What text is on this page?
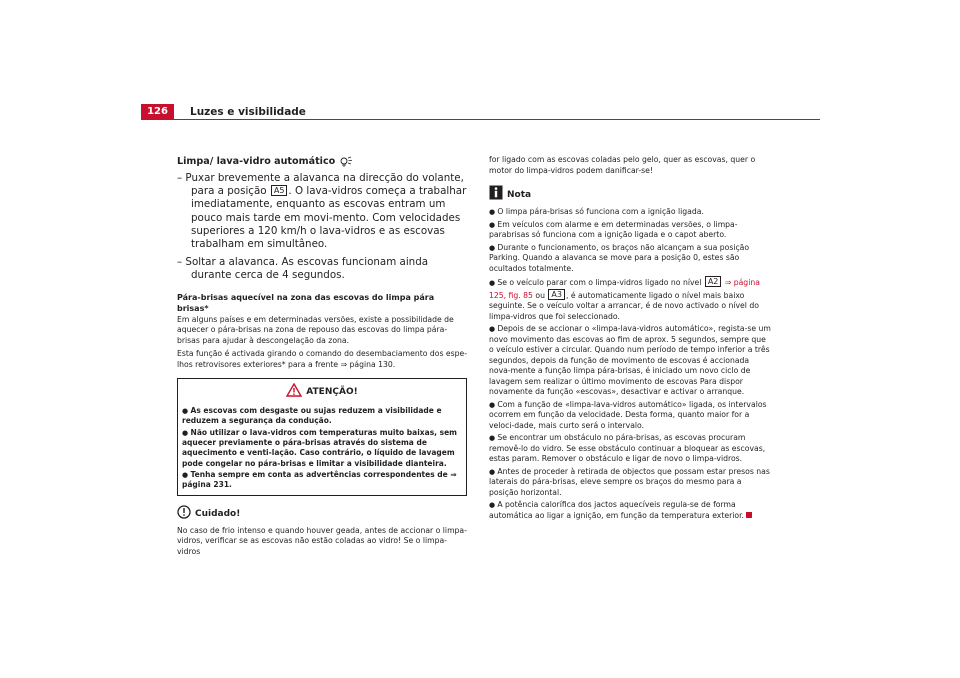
126	Luzes e visibilidade
Limpa/ lava-vidro automático

– Puxar brevemente a alavanca na direcção do volante, para a posição A5 . O lava-vidros começa a trabalhar imediatamente, enquanto as escovas entram um pouco mais tarde em movi-mento. Com velocidades superiores a 120 km/h o lava-vidros e as escovas trabalham em simultâneo.

– Soltar a alavanca. As escovas funcionam ainda durante cerca de 4 segundos.

Pára-brisas aquecível na zona das escovas do limpa pára brisas*

Em alguns países e em determinadas versões, existe a possibilidade de aquecer o pára-brisas na zona de repouso das escovas do limpa pára-brisas para ajudar à descongelação da zona.

Esta função é activada girando o comando do desembaciamento dos espe-lhos retrovisores exteriores* para a frente ⇒ página 130.

ATENÇÃO!

● As escovas com desgaste ou sujas reduzem a visibilidade e reduzem a segurança da condução.

● Não utilizar o lava-vidros com temperaturas muito baixas, sem aquecer previamente o pára-brisas através do sistema de aquecimento e venti-lação. Caso contrário, o líquido de lavagem pode congelar no pára-brisas e limitar a visibilidade dianteira.

● Tenha sempre em conta as advertências correspondentes de ⇒ página 231.

Cuidado!

No caso de frio intenso e quando houver geada, antes de accionar o limpa-vidros, verificar se as escovas não estão coladas ao vidro! Se o limpa-vidros

for ligado com as escovas coladas pelo gelo, quer as escovas, quer o motor do limpa-vidros podem danificar-se!

Nota

● O limpa pára-brisas só funciona com a ignição ligada.

● Em veículos com alarme e em determinadas versões, o limpa-parabrisas só funciona com a ignição ligada e o capot aberto.

● Durante o funcionamento, os braços não alcançam a sua posição Parking. Quando a alavanca se move para a posição 0, estes são ocultados totalmente.

● Se o veículo parar com o limpa-vidros ligado no nível A2 ⇒ página 125, fig. 85 ou A3 , é automaticamente ligado o nível mais baixo seguinte. Se o veículo voltar a arrancar, é de novo activado o nível do limpa-vidros que foi seleccionado.

● Depois de se accionar o «limpa-lava-vidros automático», regista-se um novo movimento das escovas ao fim de aprox. 5 segundos, sempre que o veículo estiver a circular. Quando num período de tempo inferior a três segundos, depois da função de movimento de escovas é accionada nova-mente a função limpa pára-brisas, é iniciado um novo ciclo de lavagem sem realizar o último movimento de escovas Para dispor novamente da função «escovas», desactivar e activar o arranque.

● Com a função de «limpa-lava-vidros automático» ligada, os intervalos ocorrem em função da velocidade. Desta forma, quanto maior for a veloci-dade, mais curto será o intervalo.

● Se encontrar um obstáculo no pára-brisas, as escovas procuram removê-lo do vidro. Se esse obstáculo continuar a bloquear as escovas, estas param. Remover o obstáculo e ligar de novo o limpa-vidros.

● Antes de proceder à retirada de objectos que possam estar presos nas laterais do pára-brisas, eleve sempre os braços do mesmo para a posição horizontal.

● A potência calorífica dos jactos aquecíveis regula-se de forma automática ao ligar a ignição, em função da temperatura exterior.
